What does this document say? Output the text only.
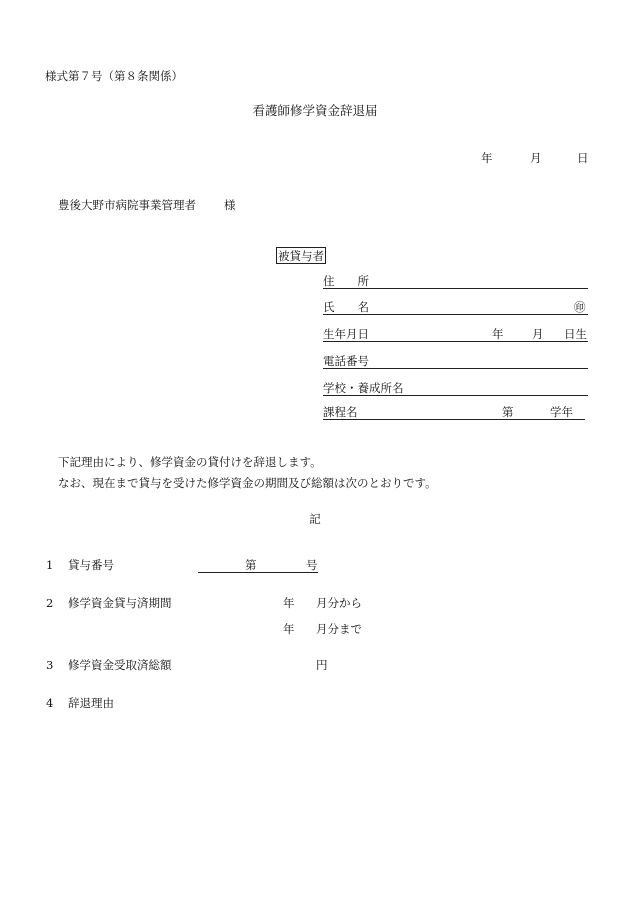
様式第７号（第８条関係）
看護師修学資金辞退届
年	月	日
豊後大野市病院事業管理者 様
被貸与者
住　　所
氏　　名	㊞
生年月日	年 月 日生
電話番号
学校・養成所名
課程名	第	学年
下記理由により、修学資金の貸付けを辞退します。
なお、現在まで貸与を受けた修学資金の期間及び総額は次のとおりです。
記
1 貸与番号	第	号
2 修学資金貸与済期間	年 月分から
年 月分まで
3 修学資金受取済総額	円
4 辞退理由
